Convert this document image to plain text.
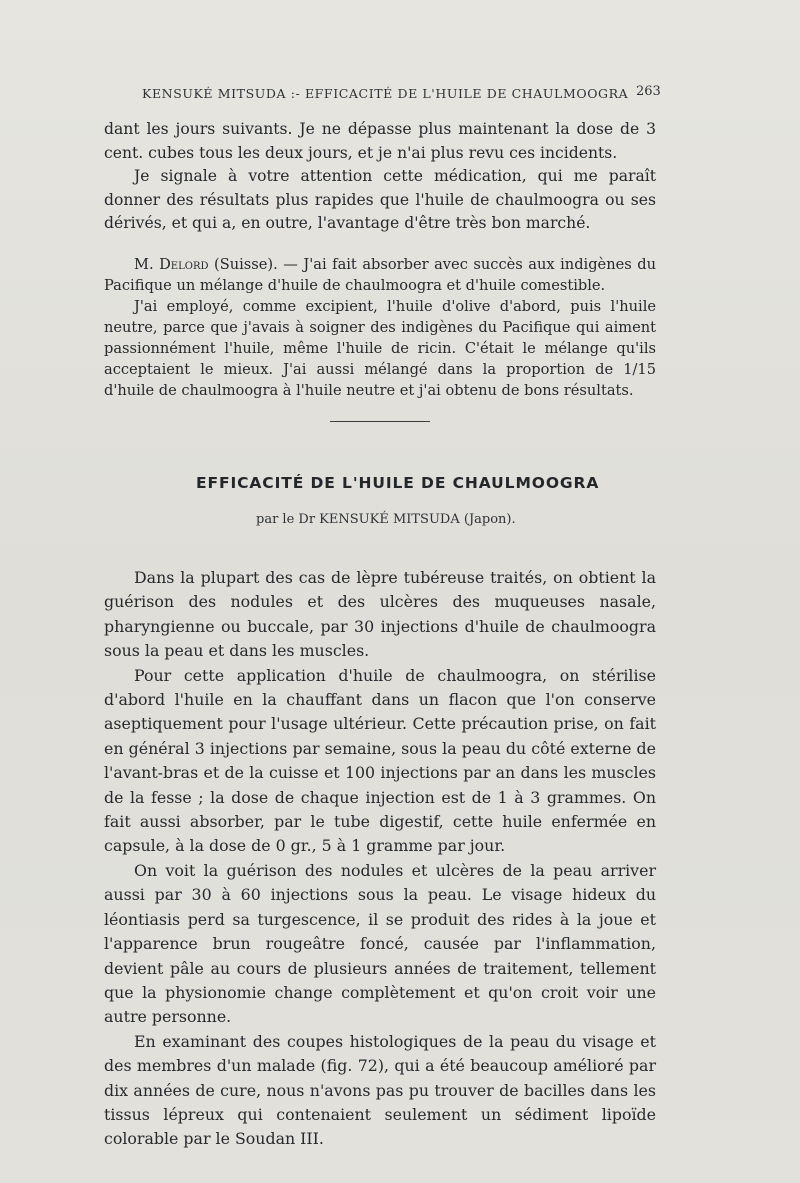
KENSUKÉ MITSUDA :- EFFICACITÉ DE L'HUILE DE CHAULMOOGRA 263

dant les jours suivants. Je ne dépasse plus maintenant la dose de 3 cent. cubes tous les deux jours, et je n'ai plus revu ces incidents.

Je signale à votre attention cette médication, qui me paraît donner des résultats plus rapides que l'huile de chaulmoogra ou ses dérivés, et qui a, en outre, l'avantage d'être très bon marché.

M. Delord (Suisse). — J'ai fait absorber avec succès aux indigènes du Pacifique un mélange d'huile de chaulmoogra et d'huile comestible.

J'ai employé, comme excipient, l'huile d'olive d'abord, puis l'huile neutre, parce que j'avais à soigner des indigènes du Pacifique qui aiment passionnément l'huile, même l'huile de ricin. C'était le mélange qu'ils acceptaient le mieux. J'ai aussi mélangé dans la proportion de 1/15 d'huile de chaulmoogra à l'huile neutre et j'ai obtenu de bons résultats.

EFFICACITÉ DE L'HUILE DE CHAULMOOGRA
par le Dr KENSUKÉ MITSUDA (Japon).

Dans la plupart des cas de lèpre tubéreuse traités, on obtient la guérison des nodules et des ulcères des muqueuses nasale, pharyngienne ou buccale, par 30 injections d'huile de chaulmoogra sous la peau et dans les muscles.

Pour cette application d'huile de chaulmoogra, on stérilise d'abord l'huile en la chauffant dans un flacon que l'on conserve aseptiquement pour l'usage ultérieur. Cette précaution prise, on fait en général 3 injections par semaine, sous la peau du côté externe de l'avant-bras et de la cuisse et 100 injections par an dans les muscles de la fesse ; la dose de chaque injection est de 1 à 3 grammes. On fait aussi absorber, par le tube digestif, cette huile enfermée en capsule, à la dose de 0 gr., 5 à 1 gramme par jour.

On voit la guérison des nodules et ulcères de la peau arriver aussi par 30 à 60 injections sous la peau. Le visage hideux du léontiasis perd sa turgescence, il se produit des rides à la joue et l'apparence brun rougeâtre foncé, causée par l'inflammation, devient pâle au cours de plusieurs années de traitement, tellement que la physionomie change complètement et qu'on croit voir une autre personne.

En examinant des coupes histologiques de la peau du visage et des membres d'un malade (fig. 72), qui a été beaucoup amélioré par dix années de cure, nous n'avons pas pu trouver de bacilles dans les tissus lépreux qui contenaient seulement un sédiment lipoïde colorable par le Soudan III.
